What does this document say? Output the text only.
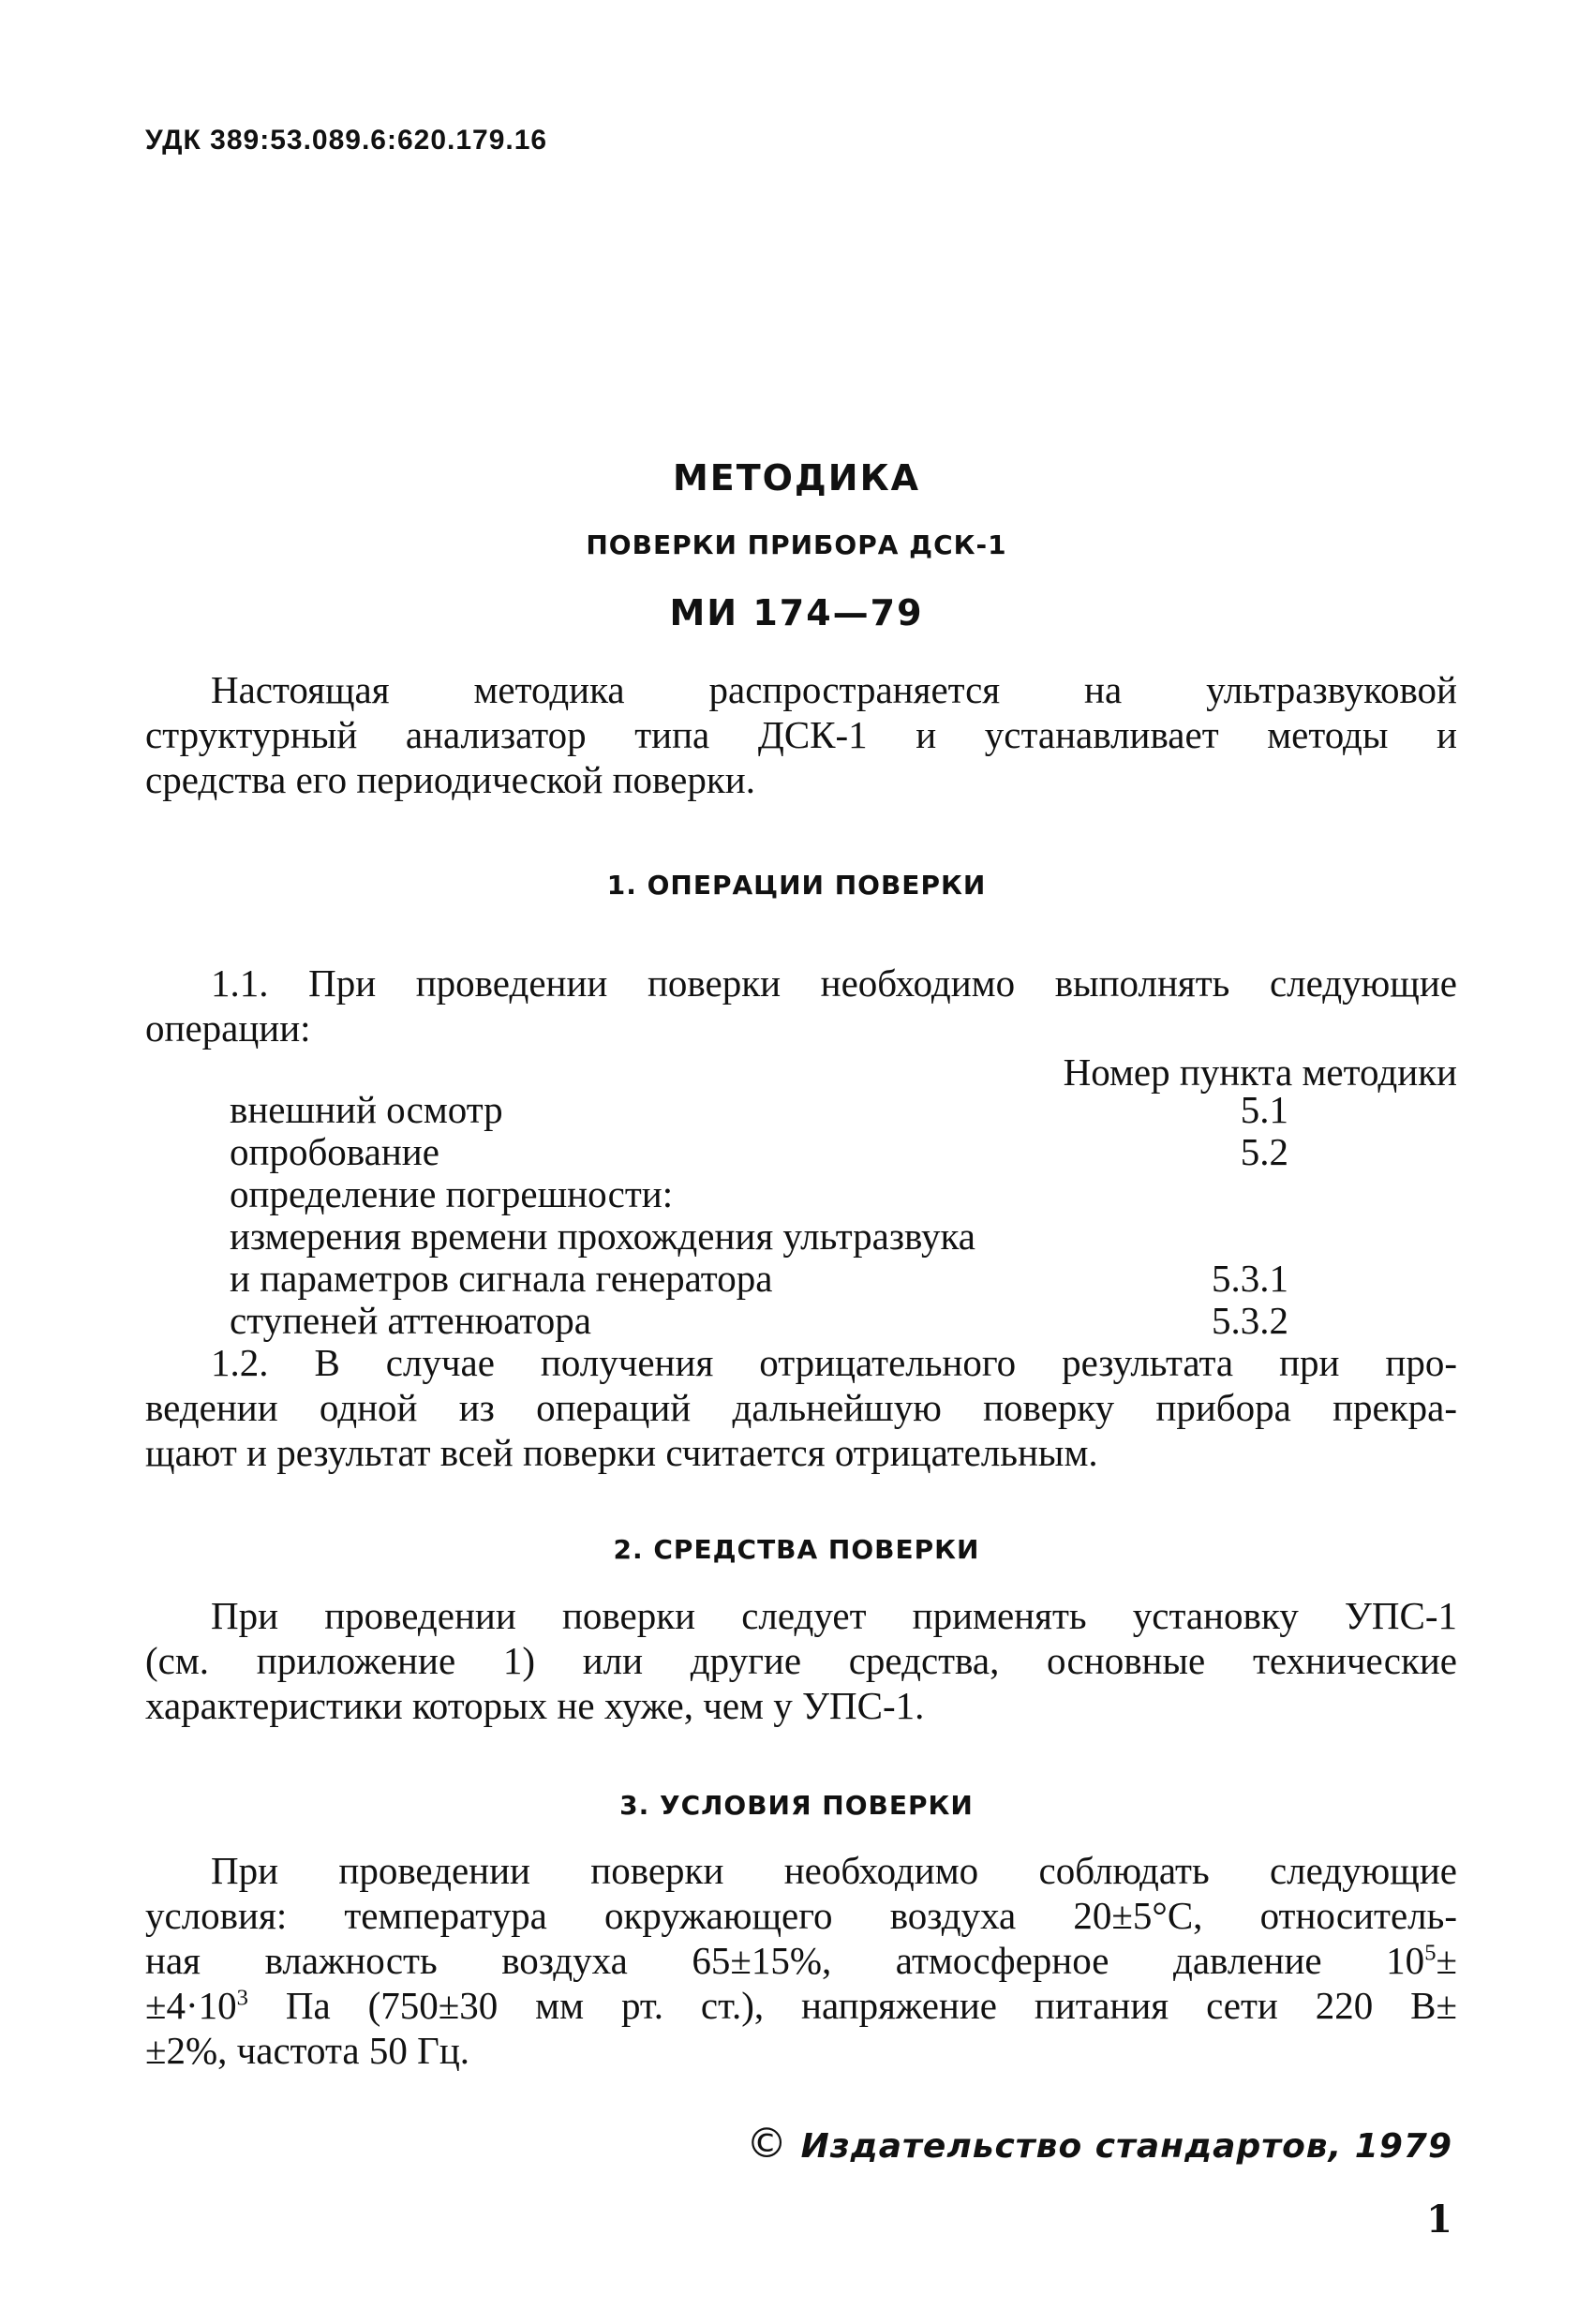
УДК 389:53.089.6:620.179.16
МЕТОДИКА
ПОВЕРКИ ПРИБОРА ДСК-1
МИ 174—79
Настоящая методика распространяется на ультразвуковой
структурный анализатор типа ДСК-1 и устанавливает методы и
средства его периодической поверки.
1. ОПЕРАЦИИ ПОВЕРКИ
1.1. При проведении поверки необходимо выполнять следующие
операции:
Номер пункта методики
внешний осмотр	5.1
опробование	5.2
определение погрешности:
измерения времени прохождения ультразвука
и параметров сигнала генератора	5.3.1
ступеней аттенюатора	5.3.2
1.2. В случае получения отрицательного результата при про-
ведении одной из операций дальнейшую поверку прибора прекра-
щают и результат всей поверки считается отрицательным.
2. СРЕДСТВА ПОВЕРКИ
При проведении поверки следует применять установку УПС-1
(см. приложение 1) или другие средства, основные технические
характеристики которых не хуже, чем у УПС-1.
3. УСЛОВИЯ ПОВЕРКИ
При проведении поверки необходимо соблюдать следующие
условия: температура окружающего воздуха 20±5°С, относитель-
ная влажность воздуха 65±15%, атмосферное давление $10^5\pm$
$\pm 4\cdot 10^3$ Па (750±30 мм рт. ст.), напряжение питания сети 220 В±
±2%, частота 50 Гц.
© Издательство стандартов, 1979
1
